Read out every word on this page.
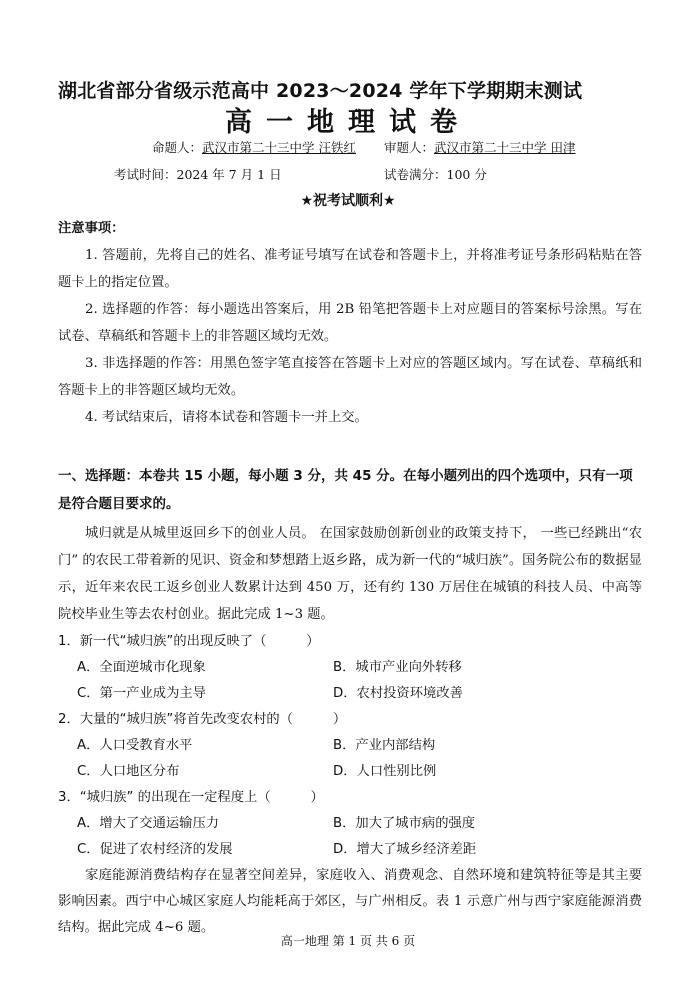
湖北省部分省级示范高中 2023～2024 学年下学期期末测试
高一地理试卷
命题人：武汉市第二十三中学 汪铁红 审题人：武汉市第二十三中学 田津
考试时间：2024 年 7 月 1 日	试卷满分：100 分
★祝考试顺利★

注意事项：

1. 答题前，先将自己的姓名、准考证号填写在试卷和答题卡上，并将准考证号条形码粘贴在答题卡上的指定位置。

2. 选择题的作答：每小题选出答案后，用 2B 铅笔把答题卡上对应题目的答案标号涂黑。写在试卷、草稿纸和答题卡上的非答题区域均无效。

3. 非选择题的作答：用黑色签字笔直接答在答题卡上对应的答题区域内。写在试卷、草稿纸和答题卡上的非答题区域均无效。

4. 考试结束后，请将本试卷和答题卡一并上交。

一、选择题：本卷共 15 小题，每小题 3 分，共 45 分。在每小题列出的四个选项中，只有一项是符合题目要求的。

城归就是从城里返回乡下的创业人员。 在国家鼓励创新创业的政策支持下， 一些已经跳出“农门” 的农民工带着新的见识、资金和梦想踏上返乡路，成为新一代的“城归族”。国务院公布的数据显示，近年来农民工返乡创业人数累计达到 450 万，还有约 130 万居住在城镇的科技人员、中高等院校毕业生等去农村创业。据此完成 1~3 题。

1．新一代“城归族”的出现反映了（　　　）

A．全面逆城市化现象	B．城市产业向外转移
C．第一产业成为主导	D．农村投资环境改善

2．大量的“城归族”将首先改变农村的（　　　）

A．人口受教育水平	B．产业内部结构
C．人口地区分布	D．人口性别比例

3．“城归族” 的出现在一定程度上（　　　）

A．增大了交通运输压力	B．加大了城市病的强度
C．促进了农村经济的发展	D．增大了城乡经济差距

家庭能源消费结构存在显著空间差异，家庭收入、消费观念、自然环境和建筑特征等是其主要影响因素。西宁中心城区家庭人均能耗高于郊区，与广州相反。表 1 示意广州与西宁家庭能源消费结构。据此完成 4~6 题。

高一地理 第 1 页 共 6 页
